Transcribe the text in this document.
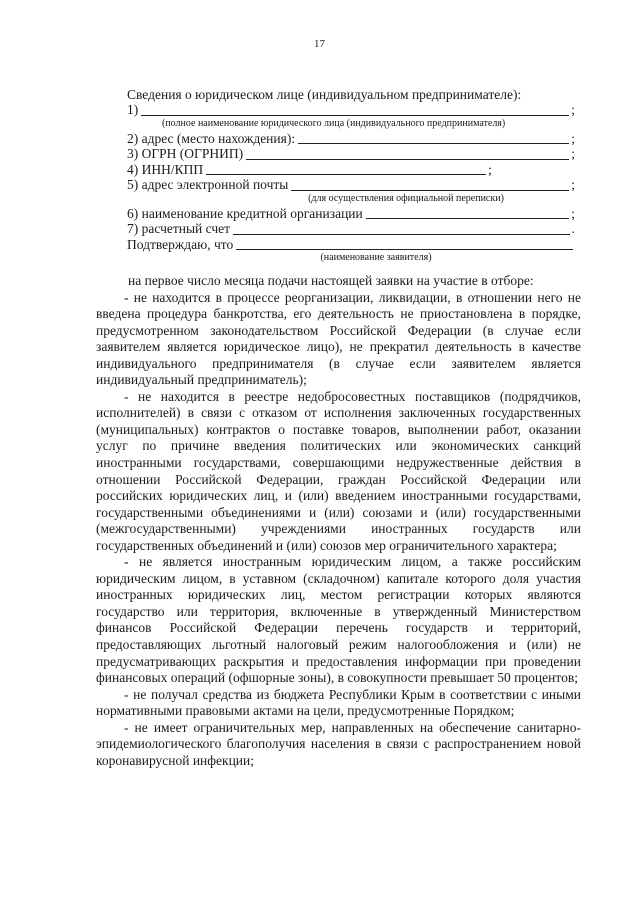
17
Сведения о юридическом лице (индивидуальном предпринимателе):
1)	;
(полное наименование юридического лица (индивидуального предпринимателя)
2) адрес (место нахождения):	;
3) ОГРН (ОГРНИП)	;
4) ИНН/КПП	;
5) адрес электронной почты	;
(для осуществления официальной переписки)
6) наименование кредитной организации	;
7) расчетный счет	.
Подтверждаю, что
(наименование заявителя)

на первое число месяца подачи настоящей заявки на участие в отборе:

- не находится в процессе реорганизации, ликвидации, в отношении него не введена процедура банкротства, его деятельность не приостановлена в порядке, предусмотренном законодательством Российской Федерации (в случае если заявителем является юридическое лицо), не прекратил деятельность в качестве индивидуального предпринимателя (в случае если заявителем является индивидуальный предприниматель);

- не находится в реестре недобросовестных поставщиков (подрядчиков, исполнителей) в связи с отказом от исполнения заключенных государственных (муниципальных) контрактов о поставке товаров, выполнении работ, оказании услуг по причине введения политических или экономических санкций иностранными государствами, совершающими недружественные действия в отношении Российской Федерации, граждан Российской Федерации или российских юридических лиц, и (или) введением иностранными государствами, государственными объединениями и (или) союзами и (или) государственными (межгосударственными) учреждениями иностранных государств или государственных объединений и (или) союзов мер ограничительного характера;

- не является иностранным юридическим лицом, а также российским юридическим лицом, в уставном (складочном) капитале которого доля участия иностранных юридических лиц, местом регистрации которых являются государство или территория, включенные в утвержденный Министерством финансов Российской Федерации перечень государств и территорий, предоставляющих льготный налоговый режим налогообложения и (или) не предусматривающих раскрытия и предоставления информации при проведении финансовых операций (офшорные зоны), в совокупности превышает 50 процентов;

- не получал средства из бюджета Республики Крым в соответствии с иными нормативными правовыми актами на цели, предусмотренные Порядком;

- не имеет ограничительных мер, направленных на обеспечение санитарно-эпидемиологического благополучия населения в связи с распространением новой коронавирусной инфекции;
